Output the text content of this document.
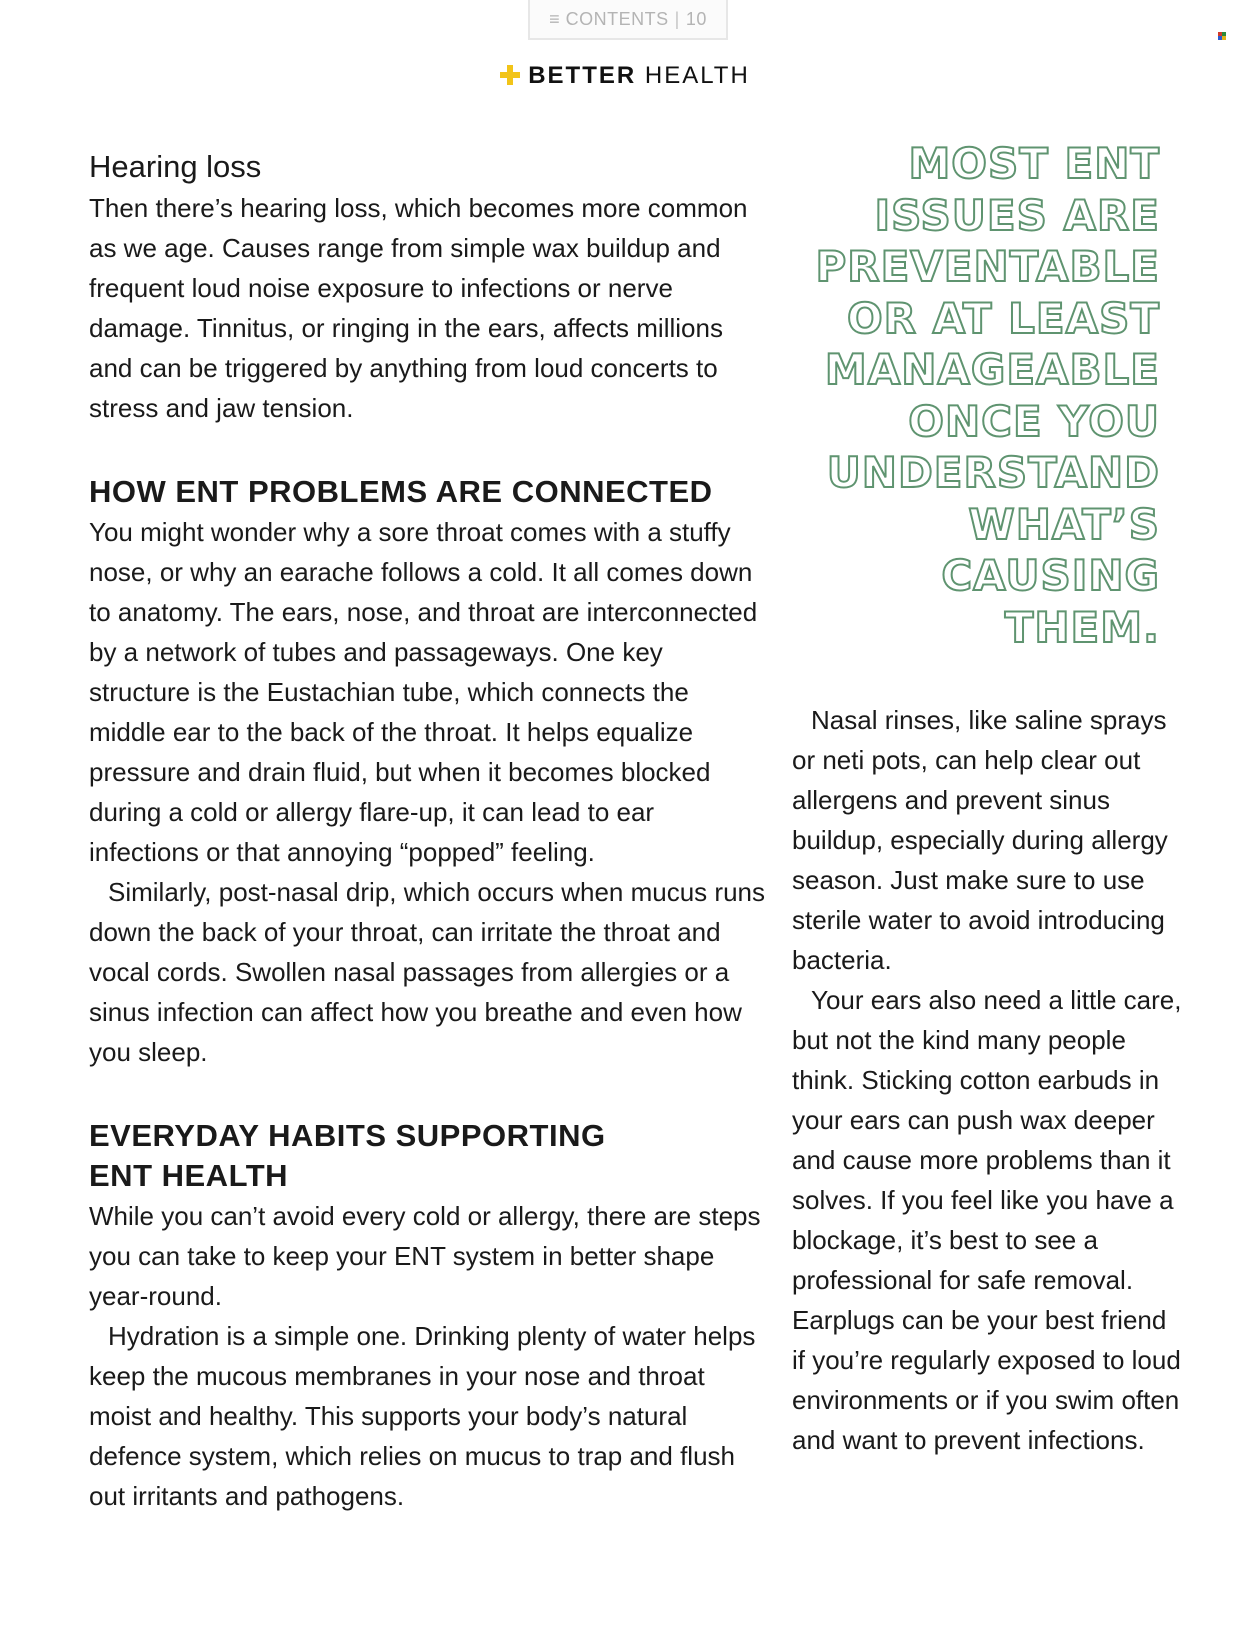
≡ CONTENTS | 10
BETTER HEALTH
Hearing loss

Then there’s hearing loss, which becomes more common as we age. Causes range from simple wax buildup and frequent loud noise exposure to infections or nerve damage. Tinnitus, or ringing in the ears, affects millions and can be triggered by anything from loud concerts to stress and jaw tension.

HOW ENT PROBLEMS ARE CONNECTED

You might wonder why a sore throat comes with a stuffy nose, or why an earache follows a cold. It all comes down to anatomy. The ears, nose, and throat are interconnected by a network of tubes and passageways. One key structure is the Eustachian tube, which connects the middle ear to the back of the throat. It helps equalize pressure and drain fluid, but when it becomes blocked during a cold or allergy flare-up, it can lead to ear infections or that annoying “popped” feeling.

Similarly, post-nasal drip, which occurs when mucus runs down the back of your throat, can irritate the throat and vocal cords. Swollen nasal passages from allergies or a sinus infection can affect how you breathe and even how you sleep.

EVERYDAY HABITS SUPPORTING
ENT HEALTH

While you can’t avoid every cold or allergy, there are steps you can take to keep your ENT system in better shape year-round.

Hydration is a simple one. Drinking plenty of water helps keep the mucous membranes in your nose and throat moist and healthy. This supports your body’s natural defence system, which relies on mucus to trap and flush out irritants and pathogens.

MOST ENT
ISSUES ARE
PREVENTABLE
OR AT LEAST
MANAGEABLE
ONCE YOU
UNDERSTAND
WHAT’S
CAUSING
THEM.

Nasal rinses, like saline sprays or neti pots, can help clear out allergens and prevent sinus buildup, especially during allergy season. Just make sure to use sterile water to avoid introducing bacteria.

Your ears also need a little care, but not the kind many people think. Sticking cotton earbuds in your ears can push wax deeper and cause more problems than it solves. If you feel like you have a blockage, it’s best to see a professional for safe removal. Earplugs can be your best friend if you’re regularly exposed to loud environments or if you swim often and want to prevent infections.
